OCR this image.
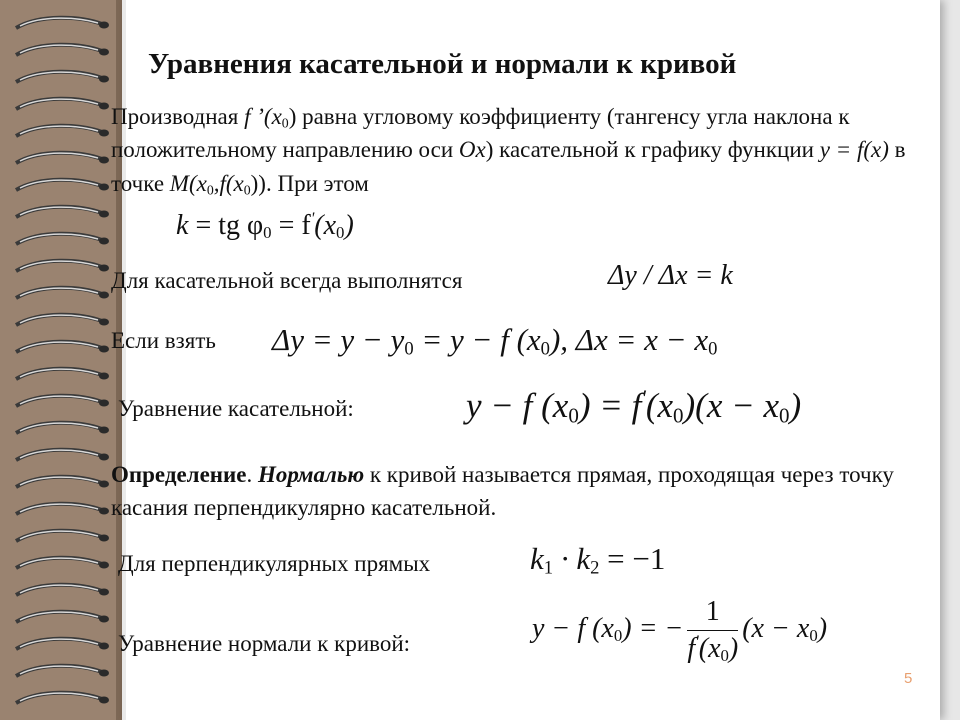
Уравнения касательной и нормали к кривой
Производная f $’(x_0)$ равна угловому коэффициенту (тангенсу угла наклона к положительному направлению оси Ox) касательной к графику функции y = f(x) в точке $M(x_0,f(x_0))$. При этом
k = tg $\varphi_0 = f'(x_0)$
Для касательной всегда выполнятся	Δy / Δx = k
Если взять $\Delta y = y - y_0 = y - f$ $(x_0)$, $\Delta x = x - x_0$
Уравнение касательной:	y − f $(x_0) = f'(x_0)(x - x_0)$
Определение. Нормалью к кривой называется прямая, проходящая через точку касания перпендикулярно касательной.
Для перпендикулярных прямых	$k_1 \cdot k_2 = -1$
Уравнение нормали к кривой:	y − f $(x_0)$ = − $\frac{1}{f'(x_0)} (x - x_0)$
5
